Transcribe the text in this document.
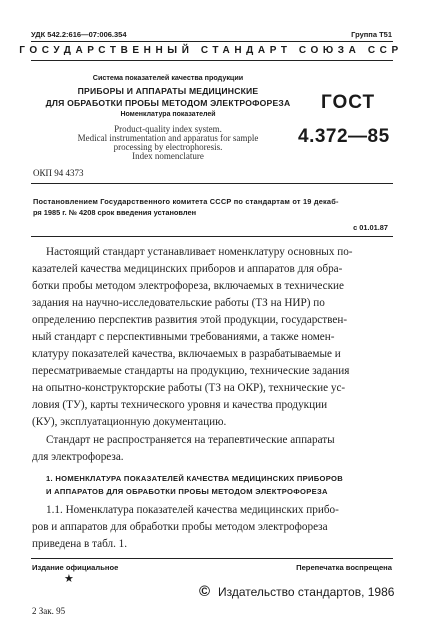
УДК 542.2:616—07:006.354	Группа Т51
ГОСУДАРСТВЕННЫЙ СТАНДАРТ СОЮЗА ССР
Система показателей качества продукции
ПРИБОРЫ И АППАРАТЫ МЕДИЦИНСКИЕ
ДЛЯ ОБРАБОТКИ ПРОБЫ МЕТОДОМ ЭЛЕКТРОФОРЕЗА
Номенклатура показателей
Product-quality index system.
Medical instrumentation and apparatus for sample
processing by electrophoresis.
Index nomenclature
ГОСТ
4.372—85
ОКП 94 4373
Постановлением Государственного комитета СССР по стандартам от 19 декаб-
ря 1985 г. № 4208 срок введения установлен
с 01.01.87
Настоящий стандарт устанавливает номенклатуру основных по-
казателей качества медицинских приборов и аппаратов для обра-
ботки пробы методом электрофореза, включаемых в технические
задания на научно-исследовательские работы (ТЗ на НИР) по
определению перспектив развития этой продукции, государствен-
ный стандарт с перспективными требованиями, а также номен-
клатуру показателей качества, включаемых в разрабатываемые и
пересматриваемые стандарты на продукцию, технические задания
на опытно-конструкторские работы (ТЗ на ОКР), технические ус-
ловия (ТУ), карты технического уровня и качества продукции
(КУ), эксплуатационную документацию.
Стандарт не распространяется на терапевтические аппараты
для электрофореза.
1. НОМЕНКЛАТУРА ПОКАЗАТЕЛЕЙ КАЧЕСТВА МЕДИЦИНСКИХ ПРИБОРОВ
И АППАРАТОВ ДЛЯ ОБРАБОТКИ ПРОБЫ МЕТОДОМ ЭЛЕКТРОФОРЕЗА
1.1. Номенклатура показателей качества медицинских прибо-
ров и аппаратов для обработки пробы методом электрофореза
приведена в табл. 1.
Издание официальное	Перепечатка воспрещена
★
© Издательство стандартов, 1986
2 Зак. 95
